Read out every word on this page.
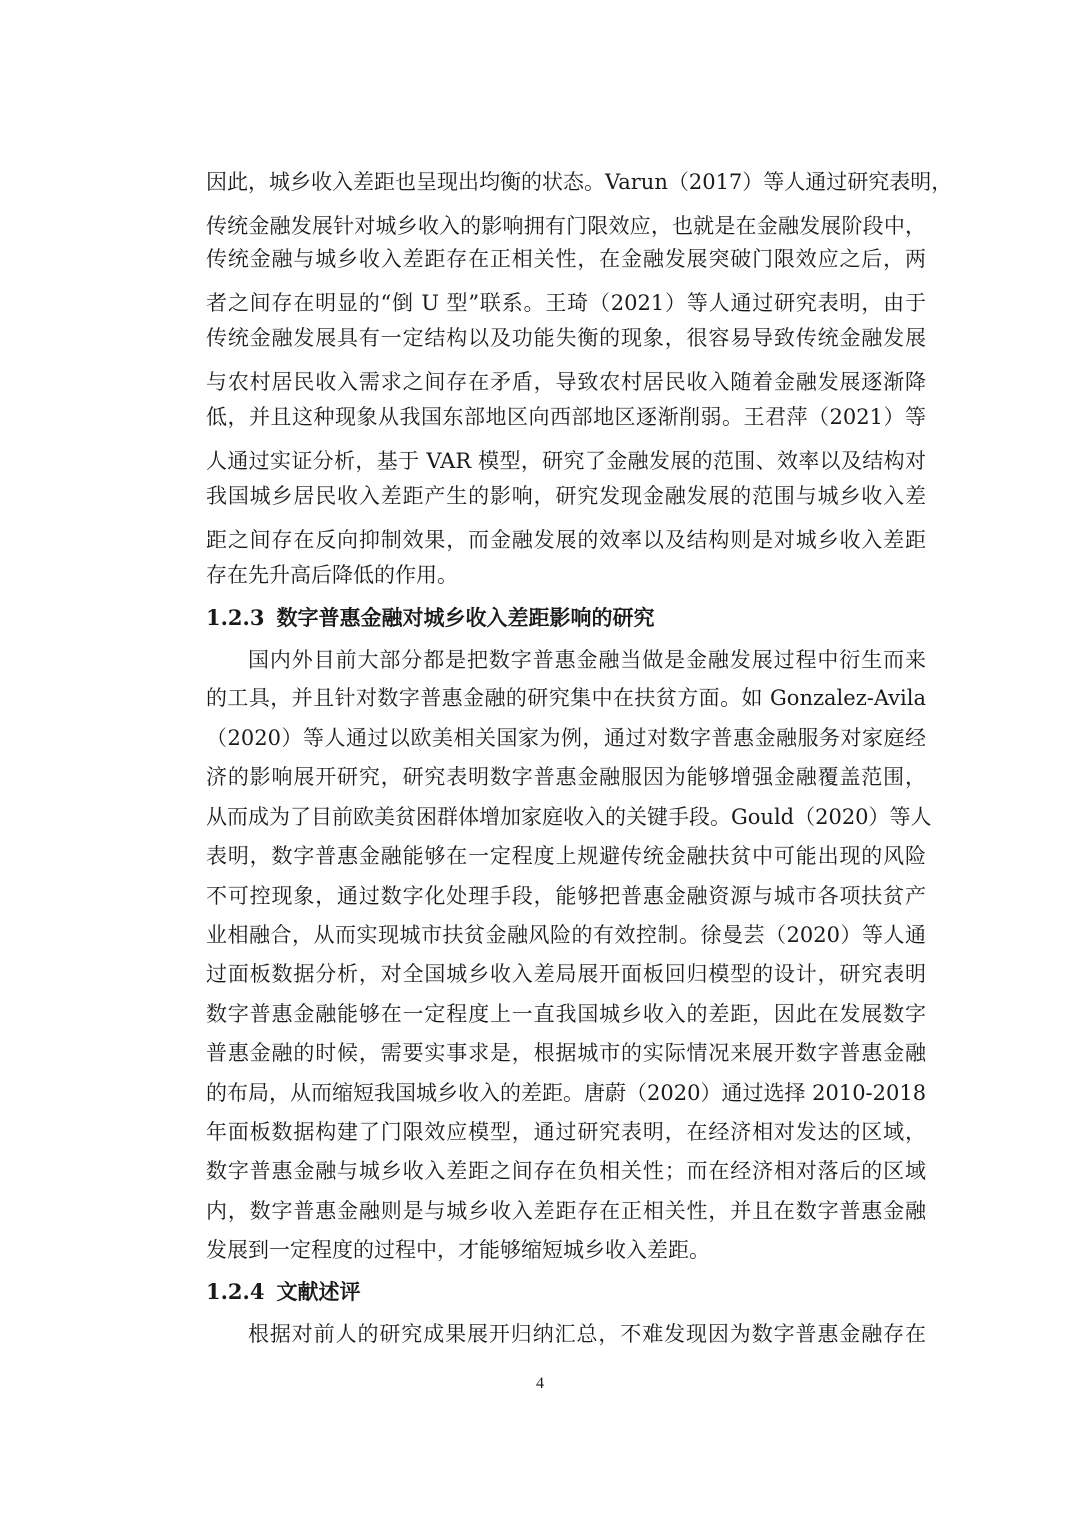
因此，城乡收入差距也呈现出均衡的状态。Varun（2017）等人通过研究表明，
传统金融发展针对城乡收入的影响拥有门限效应，也就是在金融发展阶段中，
传统金融与城乡收入差距存在正相关性，在金融发展突破门限效应之后，两
者之间存在明显的“倒 U 型”联系。王琦（2021）等人通过研究表明，由于
传统金融发展具有一定结构以及功能失衡的现象，很容易导致传统金融发展
与农村居民收入需求之间存在矛盾，导致农村居民收入随着金融发展逐渐降
低，并且这种现象从我国东部地区向西部地区逐渐削弱。王君萍（2021）等
人通过实证分析，基于 VAR 模型，研究了金融发展的范围、效率以及结构对
我国城乡居民收入差距产生的影响，研究发现金融发展的范围与城乡收入差
距之间存在反向抑制效果，而金融发展的效率以及结构则是对城乡收入差距
存在先升高后降低的作用。
1.2.3 数字普惠金融对城乡收入差距影响的研究
国内外目前大部分都是把数字普惠金融当做是金融发展过程中衍生而来
的工具，并且针对数字普惠金融的研究集中在扶贫方面。如 Gonzalez-Avila
（2020）等人通过以欧美相关国家为例，通过对数字普惠金融服务对家庭经
济的影响展开研究，研究表明数字普惠金融服因为能够增强金融覆盖范围，
从而成为了目前欧美贫困群体增加家庭收入的关键手段。Gould（2020）等人
表明，数字普惠金融能够在一定程度上规避传统金融扶贫中可能出现的风险
不可控现象，通过数字化处理手段，能够把普惠金融资源与城市各项扶贫产
业相融合，从而实现城市扶贫金融风险的有效控制。徐曼芸（2020）等人通
过面板数据分析，对全国城乡收入差局展开面板回归模型的设计，研究表明
数字普惠金融能够在一定程度上一直我国城乡收入的差距，因此在发展数字
普惠金融的时候，需要实事求是，根据城市的实际情况来展开数字普惠金融
的布局，从而缩短我国城乡收入的差距。唐蔚（2020）通过选择 2010-2018
年面板数据构建了门限效应模型，通过研究表明，在经济相对发达的区域，
数字普惠金融与城乡收入差距之间存在负相关性；而在经济相对落后的区域
内，数字普惠金融则是与城乡收入差距存在正相关性，并且在数字普惠金融
发展到一定程度的过程中，才能够缩短城乡收入差距。
1.2.4 文献述评
根据对前人的研究成果展开归纳汇总，不难发现因为数字普惠金融存在
4
